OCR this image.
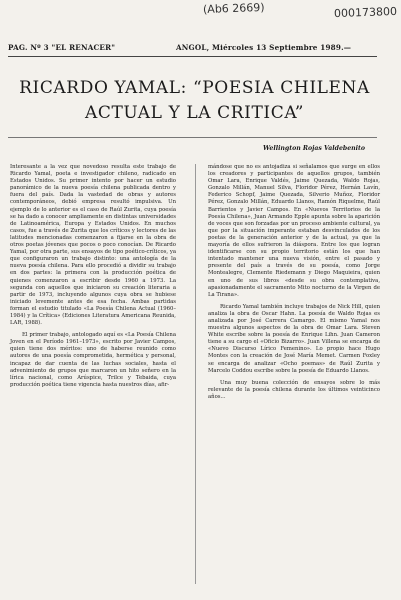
(Ab6 2669)	000173800
PAG. Nº 3 "EL RENACER"	ANGOL, Miércoles 13 Septiembre 1989.—
RICARDO YAMAL: “POESIA CHILENA
ACTUAL Y LA CRITICA”
Wellington Rojas Valdebenito

Interesante a la vez que novedoso resulta este trabajo de Ricardo Yamal, poeta e investigador chileno, radicado en Estados Unidos. Su primer intento por hacer un estudio panorámico de la nueva poesía chilena publicada dentro y fuera del país. Dada la vastedad de obras y autores contemporáneos, debió empresa resultó impulsiva. Un ejemplo de lo anterior es el caso de Raúl Zurita, cuya poesía se ha dado a conocer ampliamente en distintas universidades de Latinoamérica, Europa y Estados Unidos. En muchos casos, fue a través de Zurita que los críticos y lectores de las latitudes mencionadas comenzaron a fijarse en la obra de otros poetas jóvenes que pocos o poco conocían. De Ricardo Yamal, por otra parte, sus ensayos de tipo poético-críticos, ya que configuraron un trabajo distinto: una antología de la nueva poesía chilena. Para ello procedió a dividir su trabajo en dos partes: la primera con la producción poética de quienes comenzaron a escribir desde 1960 a 1973. La segunda con aquellos que iniciaron su creación literaria a partir de 1973, incluyendo algunos cuya obra se hubiese iniciado levemente antes de esa fecha. Ambas partidas forman el estudio titulado «La Poesía Chilena Actual (1960–1984) y la Crítica» (Ediciones Literatura Americana Reunida, LAR, 1988).

El primer trabajo, antologado aquí es «La Poesía Chilena Joven en el Período 1961–1973», escrito por Javier Campos, quien tiene dos méritos: uno de haberse reunido como autores de una poesía comprometida, hermética y personal, incapaz de dar cuenta de las luchas sociales, hasta el advenimiento de grupos que marcaron un hito señero en la lírica nacional, como Arúspice, Trilce y Tebaida, cuya producción poética tiene vigencia hasta nuestros días, afir-

mándose que no es antojadiza si señalamos que surge en ellos los creadores y participantes de aquellos grupos, también Omar Lara, Enrique Valdés, Jaime Quezada, Waldo Rojas, Gonzalo Millán, Manuel Silva, Floridor Pérez, Hernán Lavín, Federico Schopf, Jaime Quezada, Silverio Muñoz, Floridor Pérez, Gonzalo Millán, Eduardo Llanos, Ramón Riquelme, Raúl Barrientos y Javier Campos. En «Nuevos Territorios de la Poesía Chilena», Juan Armando Epple apunta sobre la aparición de voces que son forzadas por un proceso ambiente cultural, ya que por la situación imperante estaban desvinculados de los poetas de la generación anterior y de la actual, ya que la mayoría de ellos sufrieron la diáspora. Entre los que logran identificarse con su propio territorio están los que han intentado mantener una nueva visión, entre el pasado y presente del país a través de su poesía, como Jorge Montealegre, Clemente Riedemann y Diego Maquieira, quien en uno de sus libros «desde su obra contemplativa, apasionadamente el sacramento Mito nocturno de la Virgen de La Tirana».

Ricardo Yamal también incluye trabajos de Nick Hill, quien analiza la obra de Oscar Hahn. La poesía de Waldo Rojas es analizada por José Carrera Camargo. El mismo Yamal nos muestra algunos aspectos de la obra de Omar Lara. Steven White escribe sobre la poesía de Enrique Lihn. Juan Cameron tiene a su cargo el «Oficio Bizarro». Juan Villena se encarga de «Nuevo Discurso Lírico Femenino». Lo propio hace Hugo Montes con la creación de José María Memet. Carmen Foxley se encarga de analizar «Ocho poemas» de Raúl Zurita y Marcelo Coddou escribe sobre la poesía de Eduardo Llanos.

Una muy buena colección de ensayos sobre lo más relevante de la poesía chilena durante los últimos veinticinco años...
